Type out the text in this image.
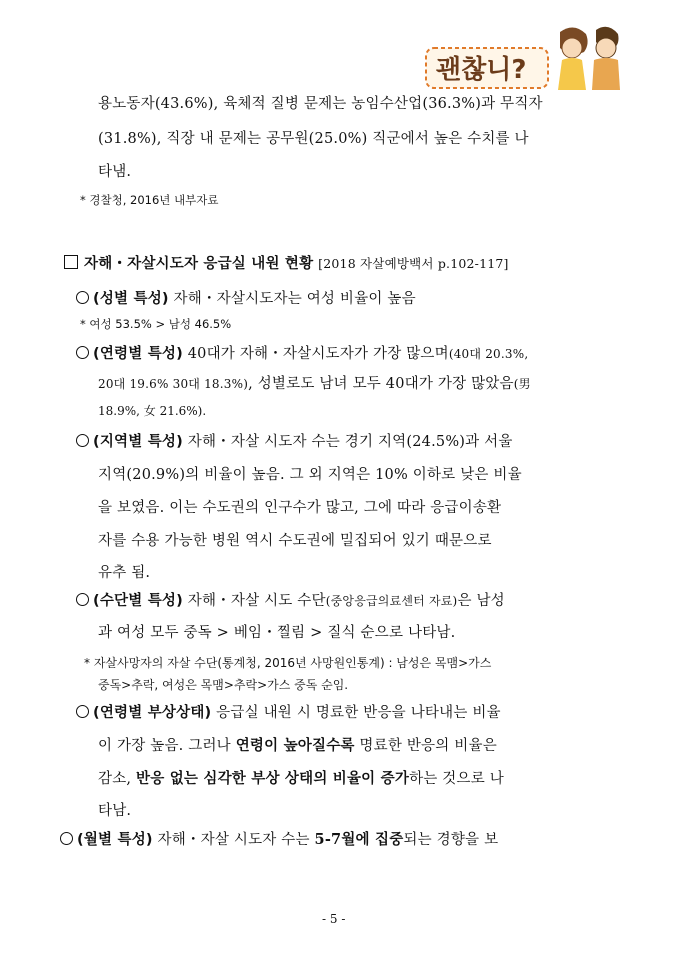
괜찮니?
용노동자(43.6%), 육체적 질병 문제는 농임수산업(36.3%)과 무직자
(31.8%), 직장 내 문제는 공무원(25.0%) 직군에서 높은 수치를 나
타냄.
* 경찰청, 2016년 내부자료
자해・자살시도자 응급실 내원 현황 [2018 자살예방백서 p.102-117]
(성별 특성) 자해・자살시도자는 여성 비율이 높음
* 여성 53.5% > 남성 46.5%
(연령별 특성) 40대가 자해・자살시도자가 가장 많으며(40대 20.3%,
20대 19.6% 30대 18.3%), 성별로도 남녀 모두 40대가 가장 많았음(男
18.9%, 女 21.6%).
(지역별 특성) 자해・자살 시도자 수는 경기 지역(24.5%)과 서울
지역(20.9%)의 비율이 높음. 그 외 지역은 10% 이하로 낮은 비율
을 보였음. 이는 수도권의 인구수가 많고, 그에 따라 응급이송환
자를 수용 가능한 병원 역시 수도권에 밀집되어 있기 때문으로
유추 됨.
(수단별 특성) 자해・자살 시도 수단(중앙응급의료센터 자료)은 남성
과 여성 모두 중독 > 베임・찔림 > 질식 순으로 나타남.
* 자살사망자의 자살 수단(통계청, 2016년 사망원인통계) : 남성은 목맴>가스
중독>추락, 여성은 목맴>추락>가스 중독 순임.
(연령별 부상상태) 응급실 내원 시 명료한 반응을 나타내는 비율
이 가장 높음. 그러나 연령이 높아질수록 명료한 반응의 비율은
감소, 반응 없는 심각한 부상 상태의 비율이 증가하는 것으로 나
타남.
(월별 특성) 자해・자살 시도자 수는 5-7월에 집중되는 경향을 보
- 5 -
